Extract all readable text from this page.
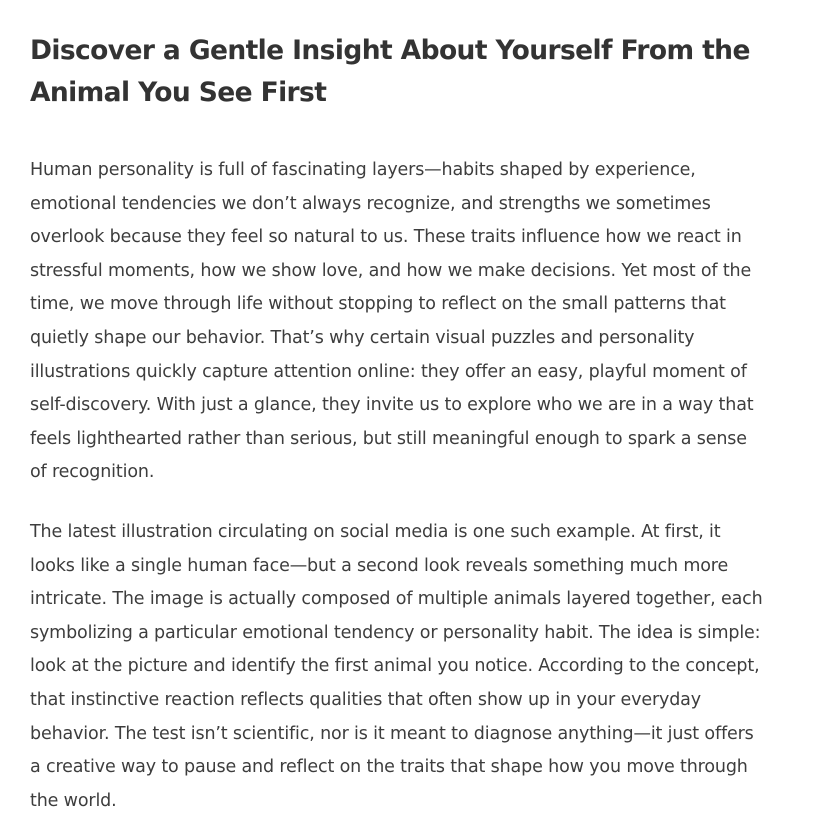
Discover a Gentle Insight About Yourself From the Animal You See First

Human personality is full of fascinating layers—habits shaped by experience, emotional tendencies we don’t always recognize, and strengths we sometimes overlook because they feel so natural to us. These traits influence how we react in stressful moments, how we show love, and how we make decisions. Yet most of the time, we move through life without stopping to reflect on the small patterns that quietly shape our behavior. That’s why certain visual puzzles and personality illustrations quickly capture attention online: they offer an easy, playful moment of self-discovery. With just a glance, they invite us to explore who we are in a way that feels lighthearted rather than serious, but still meaningful enough to spark a sense of recognition.

The latest illustration circulating on social media is one such example. At first, it looks like a single human face—but a second look reveals something much more intricate. The image is actually composed of multiple animals layered together, each symbolizing a particular emotional tendency or personality habit. The idea is simple: look at the picture and identify the first animal you notice. According to the concept, that instinctive reaction reflects qualities that often show up in your everyday behavior. The test isn’t scientific, nor is it meant to diagnose anything—it just offers a creative way to pause and reflect on the traits that shape how you move through the world.
